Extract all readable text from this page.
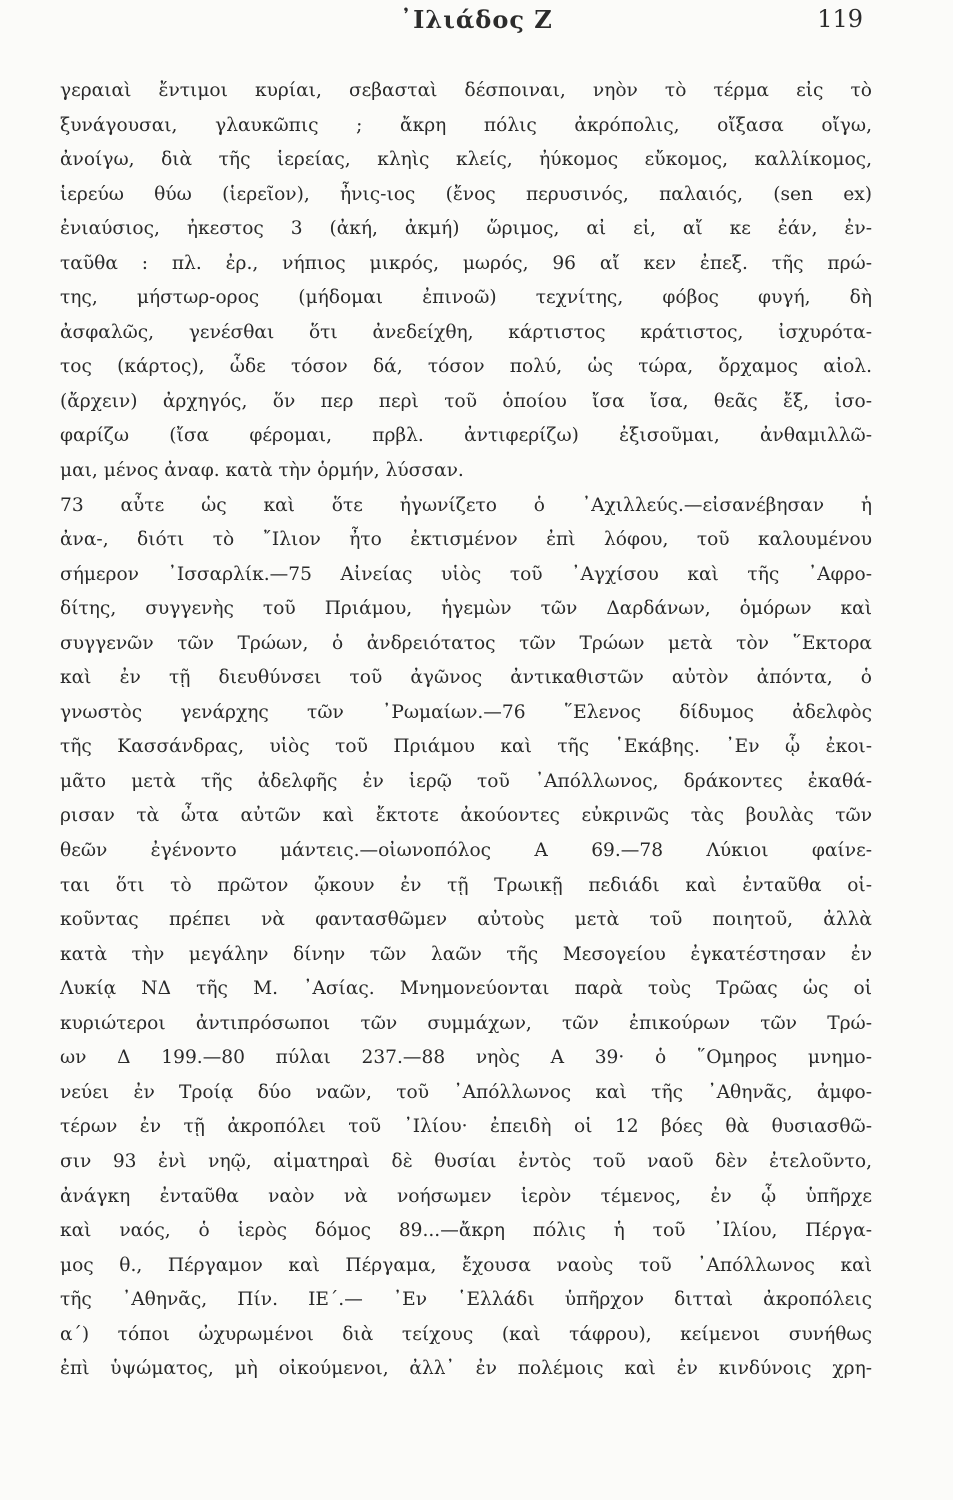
᾿Ιλιάδος Ζ	119
γεραιαὶ ἔντιμοι κυρίαι, σεβασταὶ δέσποιναι, νηὸν τὸ τέρμα εἰς τὸ
ξυνάγουσαι, γλαυκῶπις ; ἄκρη πόλις ἀκρόπολις, οἴξασα οἴγω,
ἀνοίγω, διὰ τῆς ἱερείας, κληὶς κλείς, ἠύκομος εὔκομος, καλλίκομος,
ἱερεύω θύω (ἱερεῖον), ἦνις-ιος (ἔνος περυσινός, παλαιός, (sen ex)
ἐνιαύσιος, ἠκεστος 3 (ἀκή, ἀκμή) ὥριμος, αἰ εἰ, αἴ κε ἐάν, ἐν-
ταῦθα : πλ. ἐρ., νήπιος μικρός, μωρός, 96 αἴ κεν ἐπεξ. τῆς πρώ-
της, μήστωρ-ορος (μήδομαι ἐπινοῶ) τεχνίτης, φόβος φυγή, δὴ
ἀσφαλῶς, γενέσθαι ὅτι ἀνεδείχθη, κάρτιστος κράτιστος, ἰσχυρότα-
τος (κάρτος), ὧδε τόσον δά, τόσον πολύ, ὡς τώρα, ὄρχαμος αἰολ.
(ἄρχειν) ἀρχηγός, ὅν περ περὶ τοῦ ὁποίου ἴσα ἴσα, θεᾶς ἔξ, ἰσο-
φαρίζω (ἴσα φέρομαι, πρβλ. ἀντιφερίζω) ἐξισοῦμαι, ἀνθαμιλλῶ-
μαι, μένος ἀναφ. κατὰ τὴν ὁρμήν, λύσσαν.
73 αὖτε ὡς καὶ ὅτε ἠγωνίζετο ὁ ᾿Αχιλλεύς.—εἰσανέβησαν ἡ
ἀνα-, διότι τὸ ῎Ιλιον ἦτο ἐκτισμένον ἐπὶ λόφου, τοῦ καλουμένου
σήμερον ᾿Ισσαρλίκ.—75 Αἰνείας υἱὸς τοῦ ᾿Αγχίσου καὶ τῆς ᾿Αφρο-
δίτης, συγγενὴς τοῦ Πριάμου, ἡγεμὼν τῶν Δαρδάνων, ὁμόρων καὶ
συγγενῶν τῶν Τρώων, ὁ ἀνδρειότατος τῶν Τρώων μετὰ τὸν ῞Εκτορα
καὶ ἐν τῇ διευθύνσει τοῦ ἀγῶνος ἀντικαθιστῶν αὐτὸν ἀπόντα, ὁ
γνωστὸς γενάρχης τῶν ᾿Ρωμαίων.—76 ῞Ελενος δίδυμος ἀδελφὸς
τῆς Κασσάνδρας, υἱὸς τοῦ Πριάμου καὶ τῆς ῾Εκάβης. ᾿Εν ᾧ ἐκοι-
μᾶτο μετὰ τῆς ἀδελφῆς ἐν ἱερῷ τοῦ ᾿Απόλλωνος, δράκοντες ἐκαθά-
ρισαν τὰ ὦτα αὐτῶν καὶ ἔκτοτε ἀκούοντες εὐκρινῶς τὰς βουλὰς τῶν
θεῶν ἐγένοντο μάντεις.—οἰωνοπόλος Α 69.—78 Λύκιοι φαίνε-
ται ὅτι τὸ πρῶτον ᾤκουν ἐν τῇ Τρωικῇ πεδιάδι καὶ ἐνταῦθα οἱ-
κοῦντας πρέπει νὰ φαντασθῶμεν αὐτοὺς μετὰ τοῦ ποιητοῦ, ἀλλὰ
κατὰ τὴν μεγάλην δίνην τῶν λαῶν τῆς Μεσογείου ἐγκατέστησαν ἐν
Λυκίᾳ ΝΔ τῆς Μ. ᾿Ασίας. Μνημονεύονται παρὰ τοὺς Τρῶας ὡς οἱ
κυριώτεροι ἀντιπρόσωποι τῶν συμμάχων, τῶν ἐπικούρων τῶν Τρώ-
ων Δ 199.—80 πύλαι 237.—88 νηὸς Α 39· ὁ ῞Ομηρος μνημο-
νεύει ἐν Τροίᾳ δύο ναῶν, τοῦ ᾿Απόλλωνος καὶ τῆς ᾿Αθηνᾶς, ἀμφο-
τέρων ἐν τῇ ἀκροπόλει τοῦ ᾿Ιλίου· ἐπειδὴ οἱ 12 βόες θὰ θυσιασθῶ-
σιν 93 ἐνὶ νηῷ, αἱματηραὶ δὲ θυσίαι ἐντὸς τοῦ ναοῦ δὲν ἐτελοῦντο,
ἀνάγκη ἐνταῦθα ναὸν νὰ νοήσωμεν ἱερὸν τέμενος, ἐν ᾧ ὑπῆρχε
καὶ ναός, ὁ ἱερὸς δόμος 89...—ἄκρη πόλις ἡ τοῦ ᾿Ιλίου, Πέργα-
μος θ., Πέργαμον καὶ Πέργαμα, ἔχουσα ναοὺς τοῦ ᾿Απόλλωνος καὶ
τῆς ᾿Αθηνᾶς, Πίν. ΙΕ΄.— ᾿Εν ῾Ελλάδι ὑπῆρχον διτταὶ ἀκροπόλεις
α΄) τόποι ὠχυρωμένοι διὰ τείχους (καὶ τάφρου), κείμενοι συνήθως
ἐπὶ ὑψώματος, μὴ οἰκούμενοι, ἀλλ᾿ ἐν πολέμοις καὶ ἐν κινδύνοις χρη-
